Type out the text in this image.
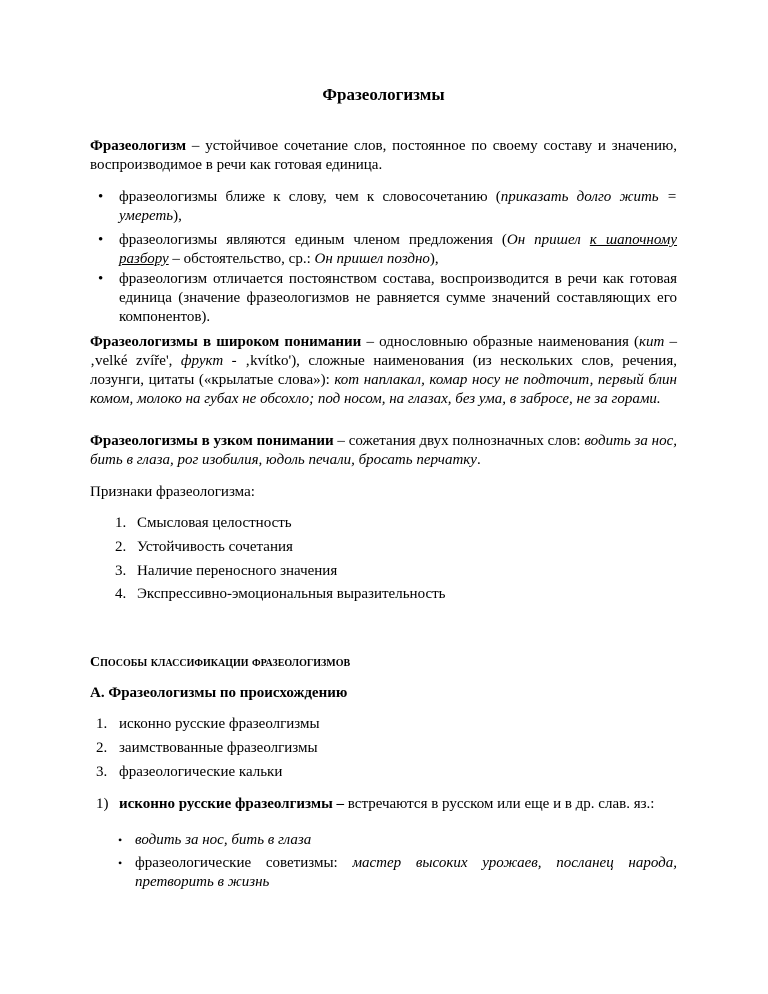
Фразеологизмы
Фразеологизм – устойчивое сочетание слов, постоянное по своему составу и значению, воспроизводимое в речи как готовая единица.
• фразеологизмы ближе к слову, чем к словосочетанию (приказать долго жить = умереть),
• фразеологизмы являются единым членом предложения (Он пришел к шапочному разбору – обстоятельство, ср.: Он пришел поздно),
• фразеологизм отличается постоянством состава, воспроизводится в речи как готовая единица (значение фразеологизмов не равняется сумме значений составляющих его компонентов).
Фразеологизмы в широком понимании – однословныю образные наименования (кит – ‚velké zvíře', фрукт - ‚kvítko'), сложные наименования (из нескольких слов, речения, лозунги, цитаты («крылатые слова»): кот наплакал, комар носу не подточит, первый блин комом, молоко на губах не обсохло; под носом, на глазах, без ума, в забросе, не за горами.
Фразеологизмы в узком понимании – сожетания двух полнозначных слов: водить за нос, бить в глаза, рог изобилия, юдоль печали, бросать перчатку.
Признаки фразеологизма:
1. Смысловая целостность
2. Устойчивость сочетания
3. Наличие переносного значения
4. Экспрессивно-эмоциональныя выразительность
Способы классификации фразеологизмов
А. Фразеологизмы по происхождению
1. исконно русские фразеолгизмы
2. заимствованные фразеолгизмы
3. фразеологические кальки
1) исконно русские фразеолгизмы – встречаются в русском или еще и в др. слав. яз.:
• водить за нос, бить в глаза
• фразеологические советизмы: мастер высоких урожаев, посланец народа, претворить в жизнь
